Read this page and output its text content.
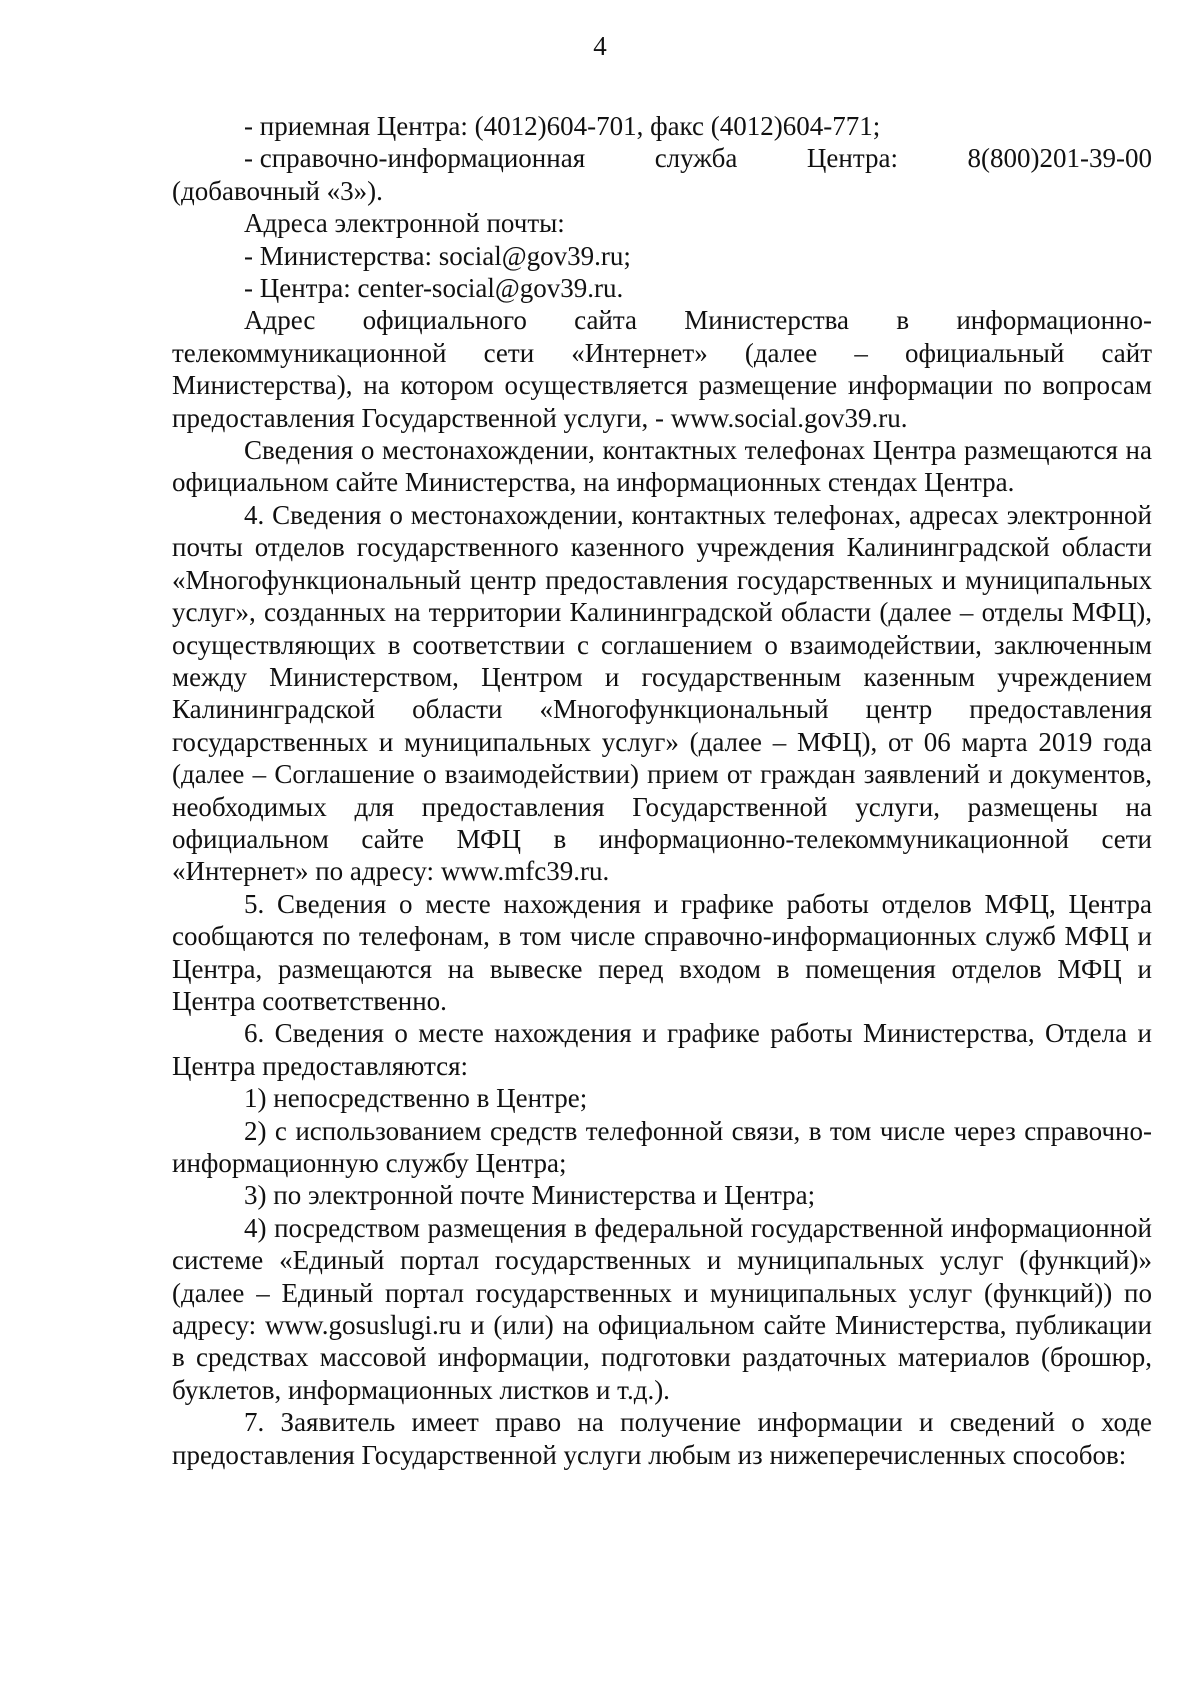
4

- приемная Центра: (4012)604-701, факс (4012)604-771;

- справочно-информационная	служба	Центра:	8(800)201-39-00

(добавочный «3»).

Адреса электронной почты:

- Министерства: social@gov39.ru;

- Центра: center-social@gov39.ru.

Адрес официального сайта Министерства в информационно-телекоммуникационной сети «Интернет» (далее – официальный сайт Министерства), на котором осуществляется размещение информации по вопросам предоставления Государственной услуги, - www.social.gov39.ru.

Сведения о местонахождении, контактных телефонах Центра размещаются на официальном сайте Министерства, на информационных стендах Центра.

4. Сведения о местонахождении, контактных телефонах, адресах электронной почты отделов государственного казенного учреждения Калининградской области «Многофункциональный центр предоставления государственных и муниципальных услуг», созданных на территории Калининградской области (далее – отделы МФЦ), осуществляющих в соответствии с соглашением о взаимодействии, заключенным между Министерством, Центром и государственным казенным учреждением Калининградской области «Многофункциональный центр предоставления государственных и муниципальных услуг» (далее – МФЦ), от 06 марта 2019 года (далее – Соглашение о взаимодействии) прием от граждан заявлений и документов, необходимых для предоставления Государственной услуги, размещены на официальном сайте МФЦ в информационно-телекоммуникационной сети «Интернет» по адресу: www.mfc39.ru.

5. Сведения о месте нахождения и графике работы отделов МФЦ, Центра сообщаются по телефонам, в том числе справочно-информационных служб МФЦ и Центра, размещаются на вывеске перед входом в помещения отделов МФЦ и Центра соответственно.

6. Сведения о месте нахождения и графике работы Министерства, Отдела и Центра предоставляются:

1) непосредственно в Центре;

2) с использованием средств телефонной связи, в том числе через справочно-информационную службу Центра;

3) по электронной почте Министерства и Центра;

4) посредством размещения в федеральной государственной информационной системе «Единый портал государственных и муниципальных услуг (функций)» (далее – Единый портал государственных и муниципальных услуг (функций)) по адресу: www.gosuslugi.ru и (или) на официальном сайте Министерства, публикации в средствах массовой информации, подготовки раздаточных материалов (брошюр, буклетов, информационных листков и т.д.).

7. Заявитель имеет право на получение информации и сведений о ходе предоставления Государственной услуги любым из нижеперечисленных способов:
